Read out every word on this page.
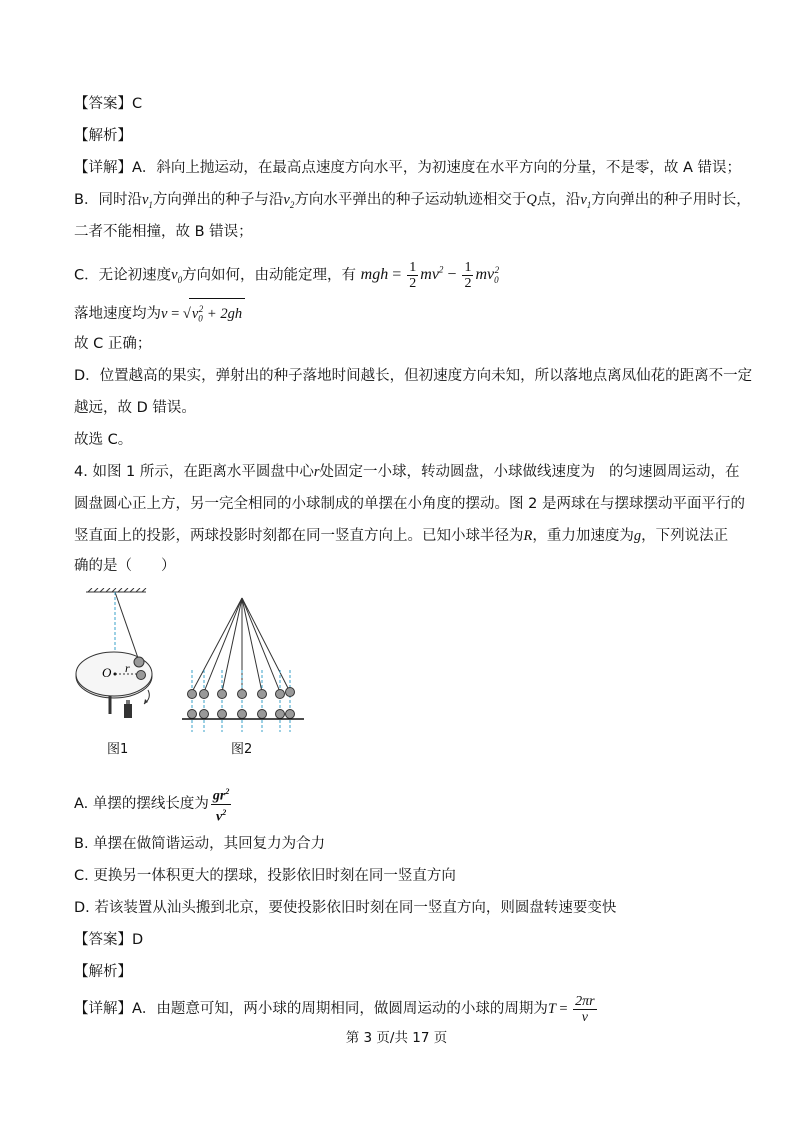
【答案】C
【解析】
【详解】A．斜向上抛运动，在最高点速度方向水平，为初速度在水平方向的分量，不是零，故 A 错误；
B．同时沿$v_1$方向弹出的种子与沿$v_2$方向水平弹出的种子运动轨迹相交于Q点，沿$v_1$方向弹出的种子用时长，
二者不能相撞，故 B 错误；
C．无论初速度$v_0$方向如何，由动能定理，有 mgh = $\frac{1}{2} mv^2 - \frac{1}{2} mv_0^2$
落地速度均为$v = √v_0^2 + 2gh$
故 C 正确；
D．位置越高的果实，弹射出的种子落地时间越长，但初速度方向未知，所以落地点离凤仙花的距离不一定
越远，故 D 错误。
故选 C。
4. 如图 1 所示，在距离水平圆盘中心r处固定一小球，转动圆盘，小球做线速度为 的匀速圆周运动，在
圆盘圆心正上方，另一完全相同的小球制成的单摆在小角度的摆动。图 2 是两球在与摆球摆动平面平行的
竖直面上的投影，两球投影时刻都在同一竖直方向上。已知小球半径为R，重力加速度为g，下列说法正
确的是（　　）
O r
图1	图2
A. 单摆的摆线长度为 $\frac{gr^2}{v^2}$
B. 单摆在做简谐运动，其回复力为合力
C. 更换另一体积更大的摆球，投影依旧时刻在同一竖直方向
D. 若该装置从汕头搬到北京，要使投影依旧时刻在同一竖直方向，则圆盘转速要变快
【答案】D
【解析】
【详解】A．由题意可知，两小球的周期相同，做圆周运动的小球的周期为$T = \frac{2\pi r}{v}$
第 3 页/共 17 页
